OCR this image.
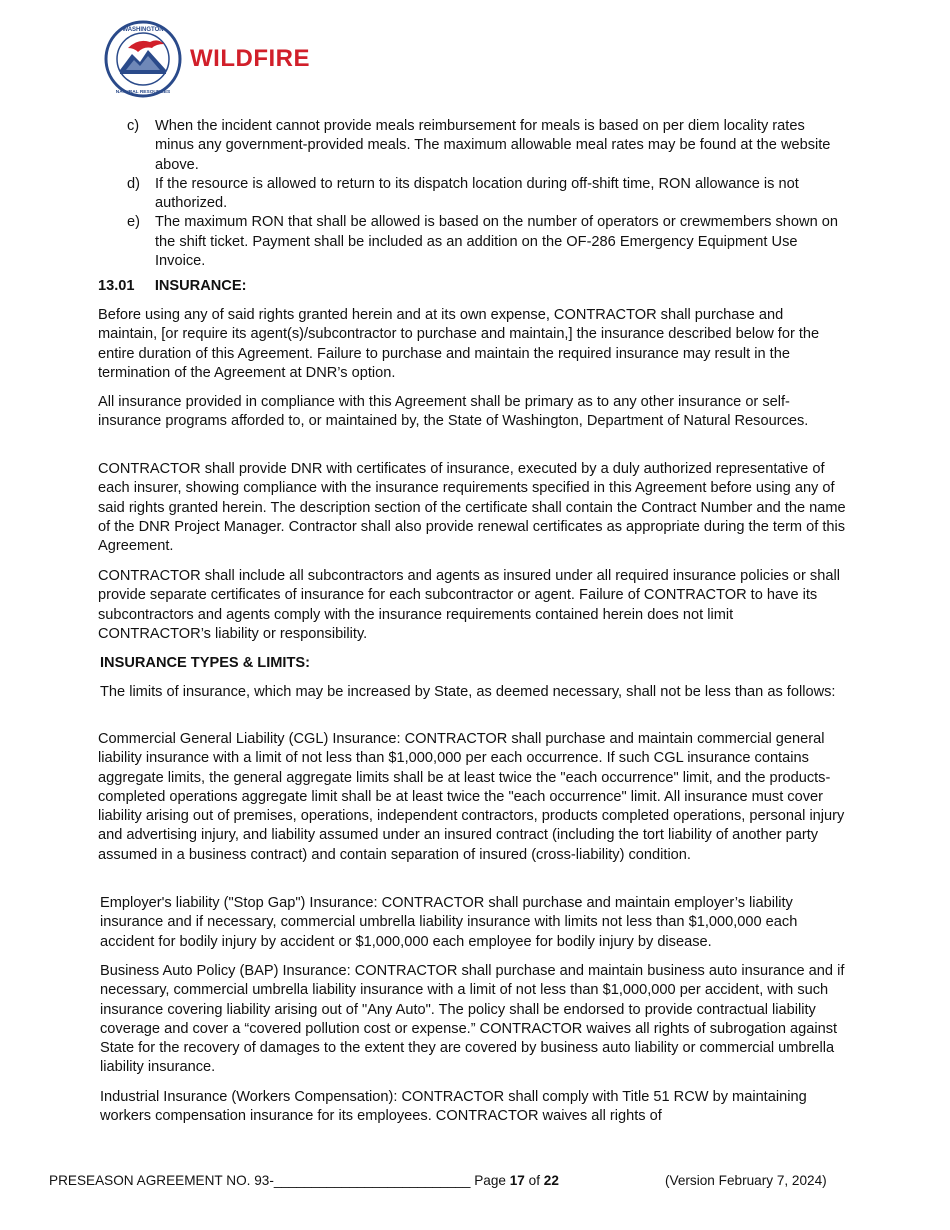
WASHINGTON
NATURAL RESOURCES
WILDFIRE

c) When the incident cannot provide meals reimbursement for meals is based on per diem locality rates minus any government-provided meals. The maximum allowable meal rates may be found at the website above.

d) If the resource is allowed to return to its dispatch location during off-shift time, RON allowance is not authorized.

e) The maximum RON that shall be allowed is based on the number of operators or crewmembers shown on the shift ticket. Payment shall be included as an addition on the OF-286 Emergency Equipment Use Invoice.

13.01 INSURANCE:

Before using any of said rights granted herein and at its own expense, CONTRACTOR shall purchase and maintain, [or require its agent(s)/subcontractor to purchase and maintain,] the insurance described below for the entire duration of this Agreement. Failure to purchase and maintain the required insurance may result in the termination of the Agreement at DNR’s option.

All insurance provided in compliance with this Agreement shall be primary as to any other insurance or self-insurance programs afforded to, or maintained by, the State of Washington, Department of Natural Resources.

CONTRACTOR shall provide DNR with certificates of insurance, executed by a duly authorized representative of each insurer, showing compliance with the insurance requirements specified in this Agreement before using any of said rights granted herein. The description section of the certificate shall contain the Contract Number and the name of the DNR Project Manager. Contractor shall also provide renewal certificates as appropriate during the term of this Agreement.

CONTRACTOR shall include all subcontractors and agents as insured under all required insurance policies or shall provide separate certificates of insurance for each subcontractor or agent. Failure of CONTRACTOR to have its subcontractors and agents comply with the insurance requirements contained herein does not limit CONTRACTOR’s liability or responsibility.

INSURANCE TYPES & LIMITS:

The limits of insurance, which may be increased by State, as deemed necessary, shall not be less than as follows:

Commercial General Liability (CGL) Insurance: CONTRACTOR shall purchase and maintain commercial general liability insurance with a limit of not less than $1,000,000 per each occurrence. If such CGL insurance contains aggregate limits, the general aggregate limits shall be at least twice the "each occurrence" limit, and the products-completed operations aggregate limit shall be at least twice the "each occurrence" limit. All insurance must cover liability arising out of premises, operations, independent contractors, products completed operations, personal injury and advertising injury, and liability assumed under an insured contract (including the tort liability of another party assumed in a business contract) and contain separation of insured (cross-liability) condition.

Employer's liability ("Stop Gap") Insurance: CONTRACTOR shall purchase and maintain employer’s liability insurance and if necessary, commercial umbrella liability insurance with limits not less than $1,000,000 each accident for bodily injury by accident or $1,000,000 each employee for bodily injury by disease.

Business Auto Policy (BAP) Insurance: CONTRACTOR shall purchase and maintain business auto insurance and if necessary, commercial umbrella liability insurance with a limit of not less than $1,000,000 per accident, with such insurance covering liability arising out of "Any Auto". The policy shall be endorsed to provide contractual liability coverage and cover a “covered pollution cost or expense.” CONTRACTOR waives all rights of subrogation against State for the recovery of damages to the extent they are covered by business auto liability or commercial umbrella liability insurance.

Industrial Insurance (Workers Compensation): CONTRACTOR shall comply with Title 51 RCW by maintaining workers compensation insurance for its employees. CONTRACTOR waives all rights of

PRESEASON AGREEMENT NO. 93-__________________________ Page 17 of 22	(Version February 7, 2024)
